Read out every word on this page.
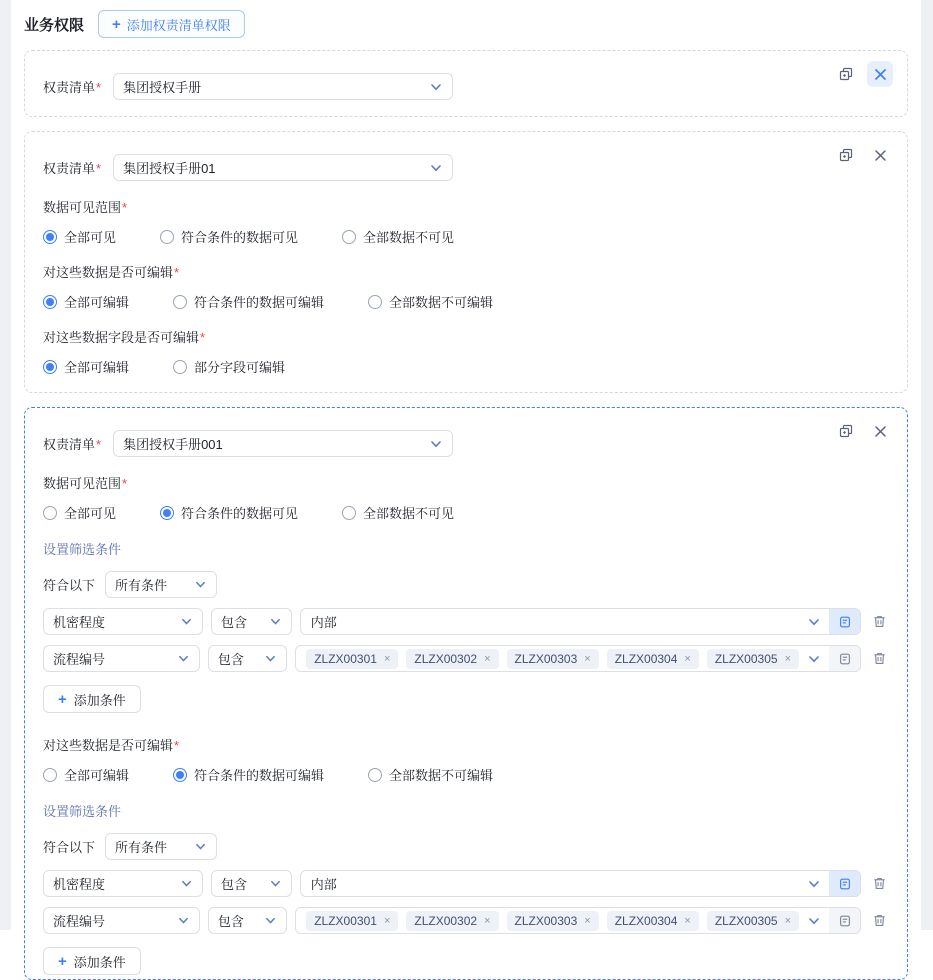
业务权限 + 添加权责清单权限
权责清单* 集团授权手册
权责清单* 集团授权手册01
数据可见范围*
全部可见	符合条件的数据可见	全部数据不可见
对这些数据是否可编辑*
全部可编辑	符合条件的数据可编辑	全部数据不可编辑
对这些数据字段是否可编辑*
全部可编辑	部分字段可编辑
权责清单* 集团授权手册001
数据可见范围*
全部可见	符合条件的数据可见	全部数据不可见
设置筛选条件
符合以下 所有条件
机密程度	包含	内部
流程编号	包含	ZLZX00301 × ZLZX00302 × ZLZX00303 × ZLZX00304 × ZLZX00305 ×
+ 添加条件
对这些数据是否可编辑*
全部可编辑	符合条件的数据可编辑	全部数据不可编辑
设置筛选条件
符合以下 所有条件
机密程度	包含	内部
流程编号	包含	ZLZX00301 × ZLZX00302 × ZLZX00303 × ZLZX00304 × ZLZX00305 ×
+ 添加条件
